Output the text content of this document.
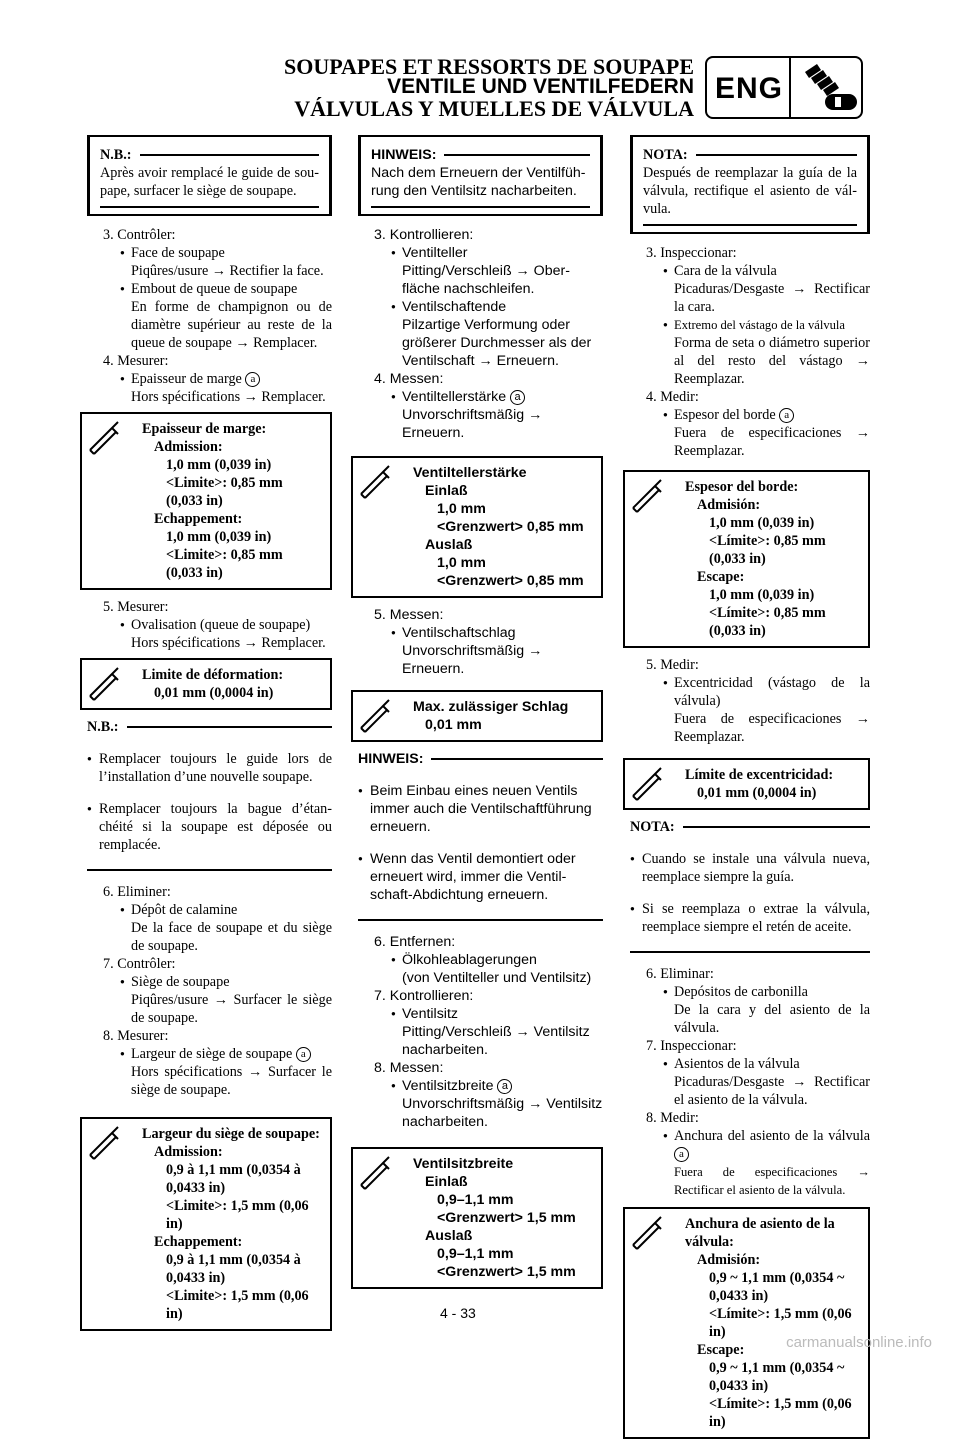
SOUPAPES ET RESSORTS DE SOUPAPE
VENTILE UND VENTILFEDERN
VÁLVULAS Y MUELLES DE VÁLVULA
ENG
N.B.:

Après avoir remplacé le guide de soupape, surfacer le siège de soupape.

3. Contrôler:
● Face de soupape
Piqûres/usure → Rectifier la face.
● Embout de queue de soupape
En forme de champignon ou de diamètre supérieur au reste de la queue de soupape → Remplacer.
4. Mesurer:
● Epaisseur de marge a
Hors spécifications → Remplacer.
Epaisseur de marge:
Admission:
1,0 mm (0,039 in)
<Limite>: 0,85 mm (0,033 in)
Echappement:
1,0 mm (0,039 in)
<Limite>: 0,85 mm (0,033 in)
5. Mesurer:
● Ovalisation (queue de soupape)
Hors spécifications → Remplacer.
Limite de déformation:
0,01 mm (0,0004 in)
N.B.:

● Remplacer toujours le guide lors de l’installation d’une nouvelle soupape.

● Remplacer toujours la bague d’étanchéité si la soupape est déposée ou remplacée.

6. Eliminer:
● Dépôt de calamine
De la face de soupape et du siège de soupape.
7. Contrôler:
● Siège de soupape
Piqûres/usure → Surfacer le siège de soupape.
8. Mesurer:
● Largeur de siège de soupape a
Hors spécifications → Surfacer le siège de soupape.
Largeur du siège de soupape:
Admission:
0,9 à 1,1 mm (0,0354 à 0,0433 in)
<Limite>: 1,5 mm (0,06 in)
Echappement:
0,9 à 1,1 mm (0,0354 à 0,0433 in)
<Limite>: 1,5 mm (0,06 in)
HINWEIS:

Nach dem Erneuern der Ventilführung den Ventilsitz nacharbeiten.

3. Kontrollieren:
● Ventilteller
Pitting/Verschleiß → Oberfläche nachschleifen.
● Ventilschaftende
Pilzartige Verformung oder größerer Durchmesser als der Ventilschaft → Erneuern.
4. Messen:
● Ventiltellerstärke a
Unvorschriftsmäßig → Erneuern.
Ventiltellerstärke
Einlaß
1,0 mm
<Grenzwert> 0,85 mm
Auslaß
1,0 mm
<Grenzwert> 0,85 mm
5. Messen:
● Ventilschaftschlag
Unvorschriftsmäßig → Erneuern.
Max. zulässiger Schlag
0,01 mm
HINWEIS:

● Beim Einbau eines neuen Ventils immer auch die Ventilschaftführung erneuern.

● Wenn das Ventil demontiert oder erneuert wird, immer die Ventilschaft-Abdichtung erneuern.

6. Entfernen:
● Ölkohleablagerungen
(von Ventilteller und Ventilsitz)
7. Kontrollieren:
● Ventilsitz
Pitting/Verschleiß → Ventilsitz nacharbeiten.
8. Messen:
● Ventilsitzbreite a
Unvorschriftsmäßig → Ventilsitz nacharbeiten.
Ventilsitzbreite
Einlaß
0,9–1,1 mm
<Grenzwert> 1,5 mm
Auslaß
0,9–1,1 mm
<Grenzwert> 1,5 mm
NOTA:

Después de reemplazar la guía de la válvula, rectifique el asiento de válvula.

3. Inspeccionar:
● Cara de la válvula
Picaduras/Desgaste → Rectificar la cara.
● Extremo del vástago de la válvula
Forma de seta o diámetro superior al del resto del vástago → Reemplazar.
4. Medir:
● Espesor del borde a
Fuera de especificaciones → Reemplazar.
Espesor del borde:
Admisión:
1,0 mm (0,039 in)
<Límite>: 0,85 mm (0,033 in)
Escape:
1,0 mm (0,039 in)
<Límite>: 0,85 mm (0,033 in)
5. Medir:
● Excentricidad (vástago de la válvula)
Fuera de especificaciones → Reemplazar.
Límite de excentricidad:
0,01 mm (0,0004 in)
NOTA:

● Cuando se instale una válvula nueva, reemplace siempre la guía.

● Si se reemplaza o extrae la válvula, reemplace siempre el retén de aceite.

6. Eliminar:
● Depósitos de carbonilla
De la cara y del asiento de la válvula.
7. Inspeccionar:
● Asientos de la válvula
Picaduras/Desgaste → Rectificar el asiento de la válvula.
8. Medir:
● Anchura del asiento de la válvula a
Fuera de especificaciones → Rectificar el asiento de la válvula.
Anchura de asiento de la válvula:
Admisión:
0,9 ~ 1,1 mm (0,0354 ~ 0,0433 in)
<Límite>: 1,5 mm (0,06 in)
Escape:
0,9 ~ 1,1 mm (0,0354 ~ 0,0433 in)
<Límite>: 1,5 mm (0,06 in)
4 - 33
carmanualsonline.info
